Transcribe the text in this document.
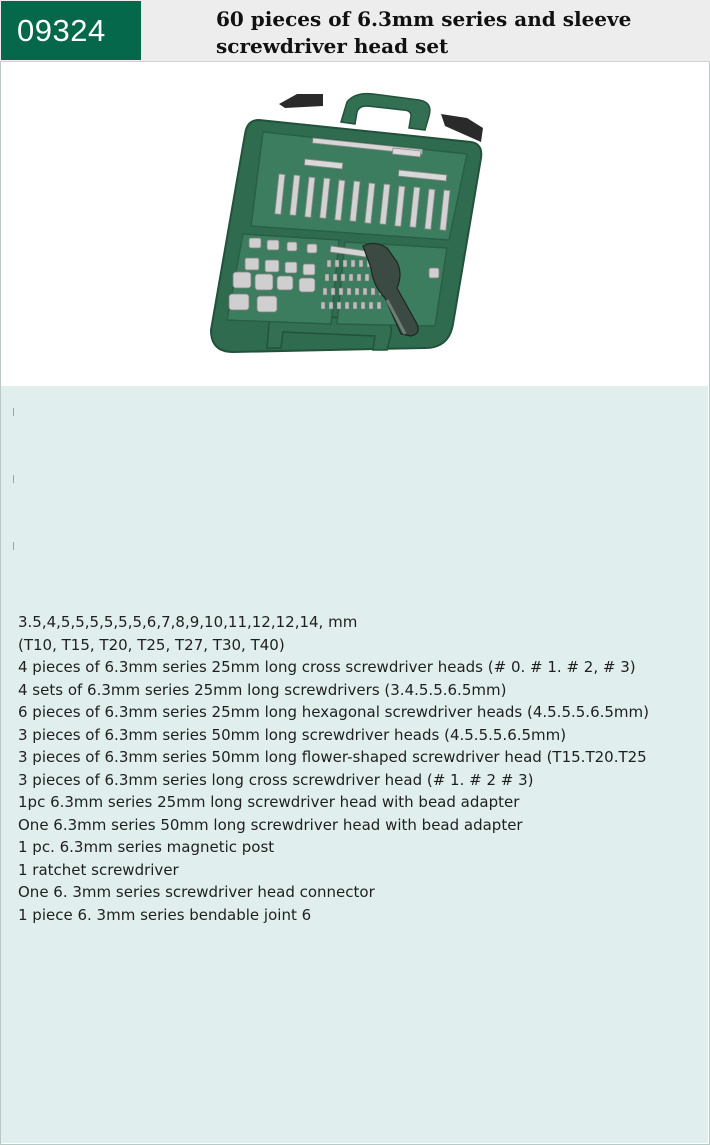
09324	60 pieces of 6.3mm series and sleeve screwdriver head set
3.5,4,5,5,5,5,5,5,6,7,8,9,10,11,12,12,14, mm
(T10, T15, T20, T25, T27, T30, T40)
4 pieces of 6.3mm series 25mm long cross screwdriver heads (# 0. # 1. # 2, # 3)
4 sets of 6.3mm series 25mm long screwdrivers (3.4.5.5.6.5mm)
6 pieces of 6.3mm series 25mm long hexagonal screwdriver heads (4.5.5.5.6.5mm)
3 pieces of 6.3mm series 50mm long screwdriver heads (4.5.5.5.6.5mm)
3 pieces of 6.3mm series 50mm long flower-shaped screwdriver head (T15.T20.T25
3 pieces of 6.3mm series long cross screwdriver head (# 1. # 2 # 3)
1pc 6.3mm series 25mm long screwdriver head with bead adapter
One 6.3mm series 50mm long screwdriver head with bead adapter
1 pc. 6.3mm series magnetic post
1 ratchet screwdriver
One 6. 3mm series screwdriver head connector
1 piece 6. 3mm series bendable joint 6
